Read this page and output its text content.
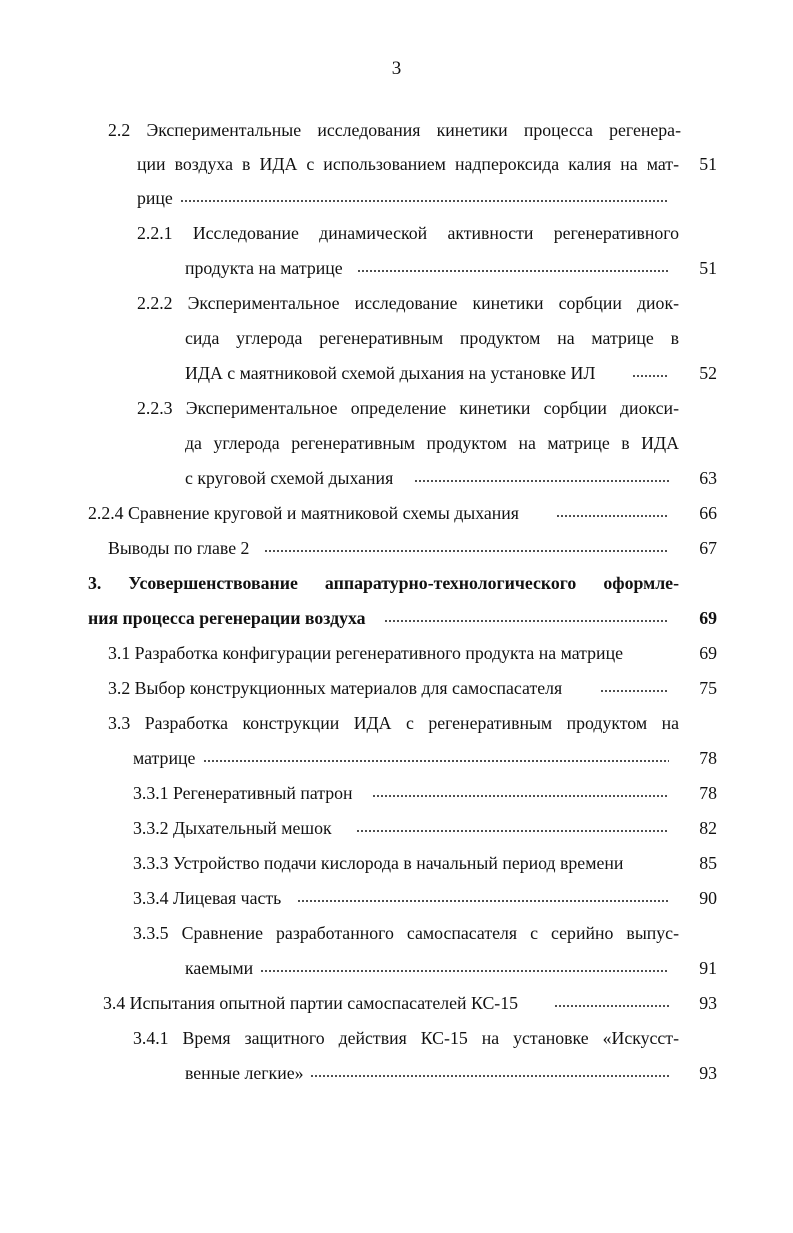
3
2.2 Экспериментальные исследования кинетики процесса регенера-
ции воздуха в ИДА с использованием надпероксида калия на мат-	51
рице
2.2.1 Исследование динамической активности регенеративного
продукта на матрице	51
2.2.2 Экспериментальное исследование кинетики сорбции диок-
сида углерода регенеративным продуктом на матрице в
ИДА с маятниковой схемой дыхания на установке ИЛ	52
2.2.3 Экспериментальное определение кинетики сорбции диокси-
да углерода регенеративным продуктом на матрице в ИДА
с круговой схемой дыхания	63
2.2.4 Сравнение круговой и маятниковой схемы дыхания	66
Выводы по главе 2	67
3. Усовершенствование аппаратурно-технологического оформле-
ния процесса регенерации воздуха	69
3.1 Разработка конфигурации регенеративного продукта на матрице	69
3.2 Выбор конструкционных материалов для самоспасателя	75
3.3 Разработка конструкции ИДА с регенеративным продуктом на
матрице	78
3.3.1 Регенеративный патрон	78
3.3.2 Дыхательный мешок	82
3.3.3 Устройство подачи кислорода в начальный период времени	85
3.3.4 Лицевая часть	90
3.3.5 Сравнение разработанного самоспасателя с серийно выпус-
каемыми	91
3.4 Испытания опытной партии самоспасателей КС-15	93
3.4.1 Время защитного действия КС-15 на установке «Искусст-
венные легкие»	93
